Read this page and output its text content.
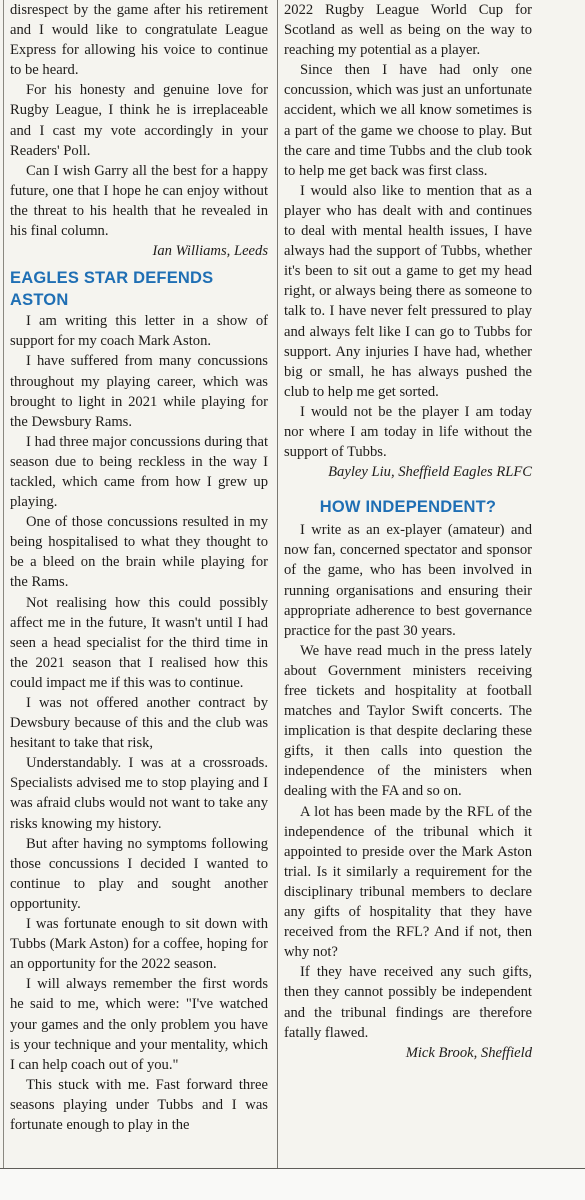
disrespect by the game after his retirement and I would like to congratulate League Express for allowing his voice to continue to be heard.

For his honesty and genuine love for Rugby League, I think he is irreplaceable and I cast my vote accordingly in your Readers' Poll.

Can I wish Garry all the best for a happy future, one that I hope he can enjoy without the threat to his health that he revealed in his final column.

Ian Williams, Leeds

EAGLES STAR DEFENDS ASTON

I am writing this letter in a show of support for my coach Mark Aston.

I have suffered from many concussions throughout my playing career, which was brought to light in 2021 while playing for the Dewsbury Rams.

I had three major concussions during that season due to being reckless in the way I tackled, which came from how I grew up playing.

One of those concussions resulted in my being hospitalised to what they thought to be a bleed on the brain while playing for the Rams.

Not realising how this could possibly affect me in the future, It wasn't until I had seen a head specialist for the third time in the 2021 season that I realised how this could impact me if this was to continue.

I was not offered another contract by Dewsbury because of this and the club was hesitant to take that risk,

Understandably. I was at a crossroads. Specialists advised me to stop playing and I was afraid clubs would not want to take any risks knowing my history.

But after having no symptoms following those concussions I decided I wanted to continue to play and sought another opportunity.

I was fortunate enough to sit down with Tubbs (Mark Aston) for a coffee, hoping for an opportunity for the 2022 season.

I will always remember the first words he said to me, which were: "I've watched your games and the only problem you have is your technique and your mentality, which I can help coach out of you."

This stuck with me. Fast forward three seasons playing under Tubbs and I was fortunate enough to play in the

2022 Rugby League World Cup for Scotland as well as being on the way to reaching my potential as a player.

Since then I have had only one concussion, which was just an unfortunate accident, which we all know sometimes is a part of the game we choose to play. But the care and time Tubbs and the club took to help me get back was first class.

I would also like to mention that as a player who has dealt with and continues to deal with mental health issues, I have always had the support of Tubbs, whether it's been to sit out a game to get my head right, or always being there as someone to talk to. I have never felt pressured to play and always felt like I can go to Tubbs for support. Any injuries I have had, whether big or small, he has always pushed the club to help me get sorted.

I would not be the player I am today nor where I am today in life without the support of Tubbs.

Bayley Liu, Sheffield Eagles RLFC

HOW INDEPENDENT?

I write as an ex-player (amateur) and now fan, concerned spectator and sponsor of the game, who has been involved in running organisations and ensuring their appropriate adherence to best governance practice for the past 30 years.

We have read much in the press lately about Government ministers receiving free tickets and hospitality at football matches and Taylor Swift concerts. The implication is that despite declaring these gifts, it then calls into question the independence of the ministers when dealing with the FA and so on.

A lot has been made by the RFL of the independence of the tribunal which it appointed to preside over the Mark Aston trial. Is it similarly a requirement for the disciplinary tribunal members to declare any gifts of hospitality that they have received from the RFL? And if not, then why not?

If they have received any such gifts, then they cannot possibly be independent and the tribunal findings are therefore fatally flawed.

Mick Brook, Sheffield
